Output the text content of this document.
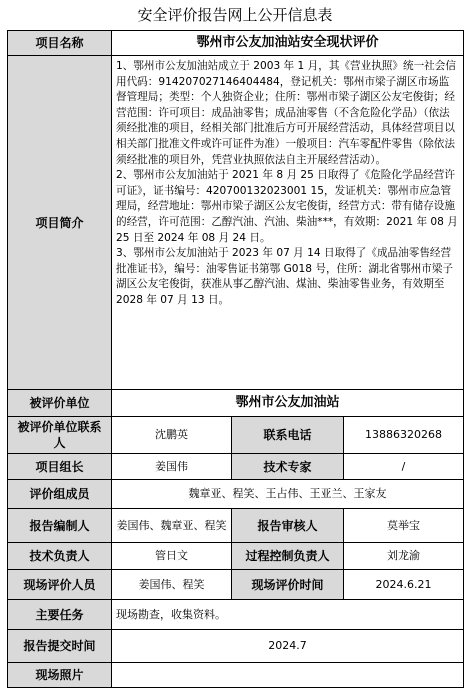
安全评价报告网上公开信息表
项目名称	鄂州市公友加油站安全现状评价		
项目简介	1、鄂州市公友加油站成立于 2003 年 1 月，其《营业执照》统一社会信用代码：914207027146404484，登记机关：鄂州市梁子湖区市场监督管理局；类型：个人独资企业；住所：鄂州市梁子湖区公友宅俊街；经营范围：许可项目：成品油零售；成品油零售（不含危险化学品）（依法须经批准的项目，经相关部门批准后方可开展经营活动，具体经营项目以相关部门批准文件或许可证件为准）一般项目：汽车零配件零售（除依法须经批准的项目外，凭营业执照依法自主开展经营活动）。
2、鄂州市公友加油站于 2021 年 8 月 25 日取得了《危险化学品经营许可证》，证书编号：420700132023001 15，发证机关：鄂州市应急管理局，经营地址：鄂州市梁子湖区公友宅俊街，经营方式：带有储存设施的经营，许可范围：乙醇汽油、汽油、柴油***，有效期：2021 年 08 月 25 日至 2024 年 08 月 24 日。
3、鄂州市公友加油站于 2023 年 07 月 14 日取得了《成品油零售经营批准证书》，编号：油零售证书第鄂 G018 号，住所：湖北省鄂州市梁子湖区公友宅俊街，获准从事乙醇汽油、煤油、柴油零售业务，有效期至 2028 年 07 月 13 日。		

被评价单位	鄂州市公友加油站		
被评价单位联系人	沈鹏英	联系电话	13886320268
项目组长	姜国伟	技术专家	/
评价组成员	魏章亚、程笑、王占伟、王亚兰、王家友		
报告编制人	姜国伟、魏章亚、程笑	报告审核人	莫举宝
技术负责人	管日文	过程控制负责人	刘龙渝
现场评价人员	姜国伟、程笑	现场评价时间	2024.6.21
主要任务	现场勘查，收集资料。		
报告提交时间	2024.7		
现场照片			
